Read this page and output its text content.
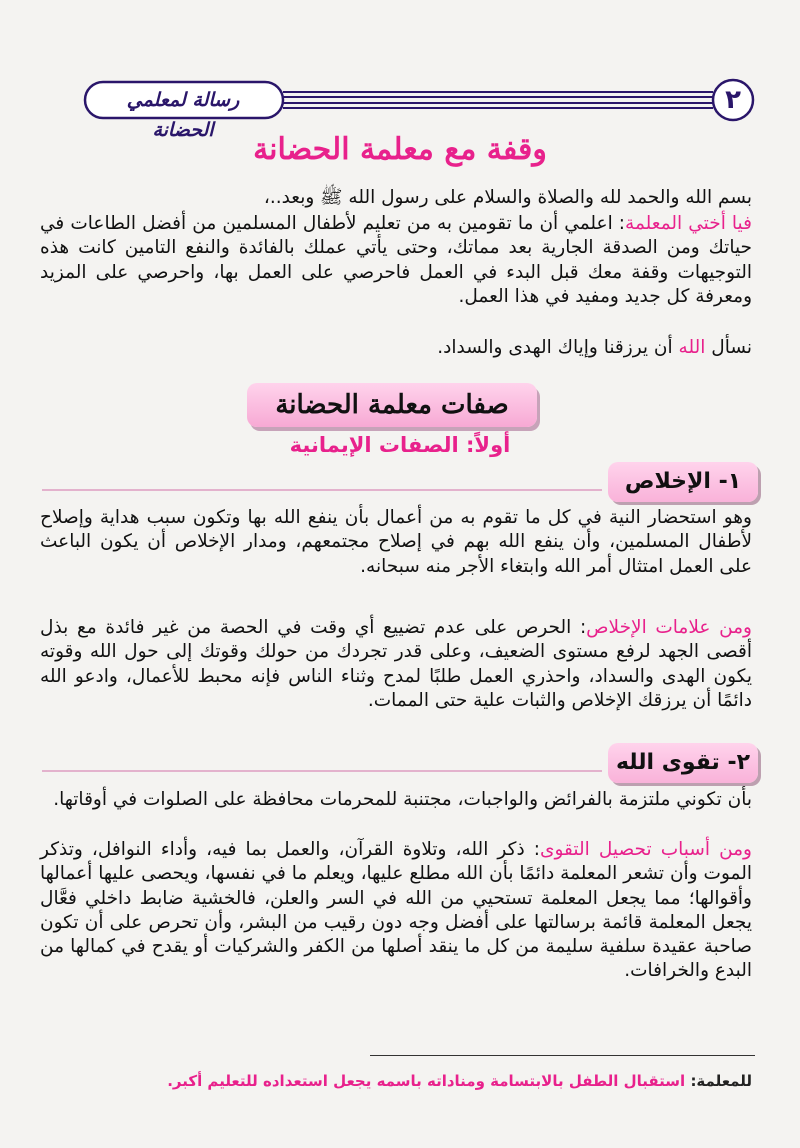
رسالة لمعلمي الحضانة
٢
وقفة مع معلمة الحضانة

بسم الله والحمد لله والصلاة والسلام على رسول الله ﷺ وبعد..،

فيا أختي المعلمة: اعلمي أن ما تقومين به من تعليم لأطفال المسلمين من أفضل الطاعات في حياتك ومن الصدقة الجارية بعد مماتك، وحتى يأتي عملك بالفائدة والنفع التامين كانت هذه التوجيهات وقفة معك قبل البدء في العمل فاحرصي على العمل بها، واحرصي على المزيد ومعرفة كل جديد ومفيد في هذا العمل.

نسأل الله أن يرزقنا وإياك الهدى والسداد.

صفات معلمة الحضانة
أولاً: الصفات الإيمانية
١- الإخلاص

وهو استحضار النية في كل ما تقوم به من أعمال بأن ينفع الله بها وتكون سبب هداية وإصلاح لأطفال المسلمين، وأن ينفع الله بهم في إصلاح مجتمعهم، ومدار الإخلاص أن يكون الباعث على العمل امتثال أمر الله وابتغاء الأجر منه سبحانه.

ومن علامات الإخلاص: الحرص على عدم تضييع أي وقت في الحصة من غير فائدة مع بذل أقصى الجهد لرفع مستوى الضعيف، وعلى قدر تجردك من حولك وقوتك إلى حول الله وقوته يكون الهدى والسداد، واحذري العمل طلبًا لمدح وثناء الناس فإنه محبط للأعمال، وادعو الله دائمًا أن يرزقك الإخلاص والثبات علية حتى الممات.

٢- تقوى الله

بأن تكوني ملتزمة بالفرائض والواجبات، مجتنبة للمحرمات محافظة على الصلوات في أوقاتها.

ومن أسباب تحصيل التقوى: ذكر الله، وتلاوة القرآن، والعمل بما فيه، وأداء النوافل، وتذكر الموت وأن تشعر المعلمة دائمًا بأن الله مطلع عليها، ويعلم ما في نفسها، ويحصى عليها أعمالها وأقوالها؛ مما يجعل المعلمة تستحيي من الله في السر والعلن، فالخشية ضابط داخلي فعَّال يجعل المعلمة قائمة برسالتها على أفضل وجه دون رقيب من البشر، وأن تحرص على أن تكون صاحبة عقيدة سلفية سليمة من كل ما ينقد أصلها من الكفر والشركيات أو يقدح في كمالها من البدع والخرافات.

للمعلمة: استقبال الطفل بالابتسامة ومناداته باسمه يجعل استعداده للتعليم أكبر.
